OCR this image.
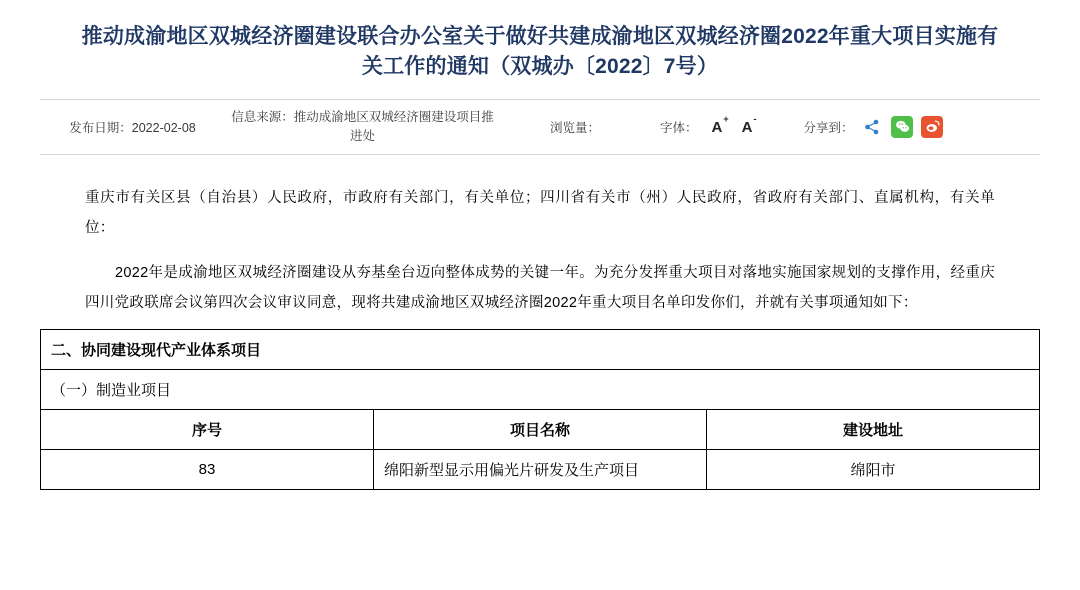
推动成渝地区双城经济圈建设联合办公室关于做好共建成渝地区双城经济圈2022年重大项目实施有关工作的通知（双城办〔2022〕7号）
发布日期：2022-02-08
信息来源：推动成渝地区双城经济圈建设项目推进处
浏览量：	字体： A+ A-
分享到：
重庆市有关区县（自治县）人民政府，市政府有关部门，有关单位；四川省有关市（州）人民政府，省政府有关部门、直属机构，有关单位：
2022年是成渝地区双城经济圈建设从夯基垒台迈向整体成势的关键一年。为充分发挥重大项目对落地实施国家规划的支撑作用，经重庆四川党政联席会议第四次会议审议同意，现将共建成渝地区双城经济圈2022年重大项目名单印发你们，并就有关事项通知如下：
二、协同建设现代产业体系项目		
（一）制造业项目		
序号	项目名称	建设地址
83	绵阳新型显示用偏光片研发及生产项目	绵阳市
